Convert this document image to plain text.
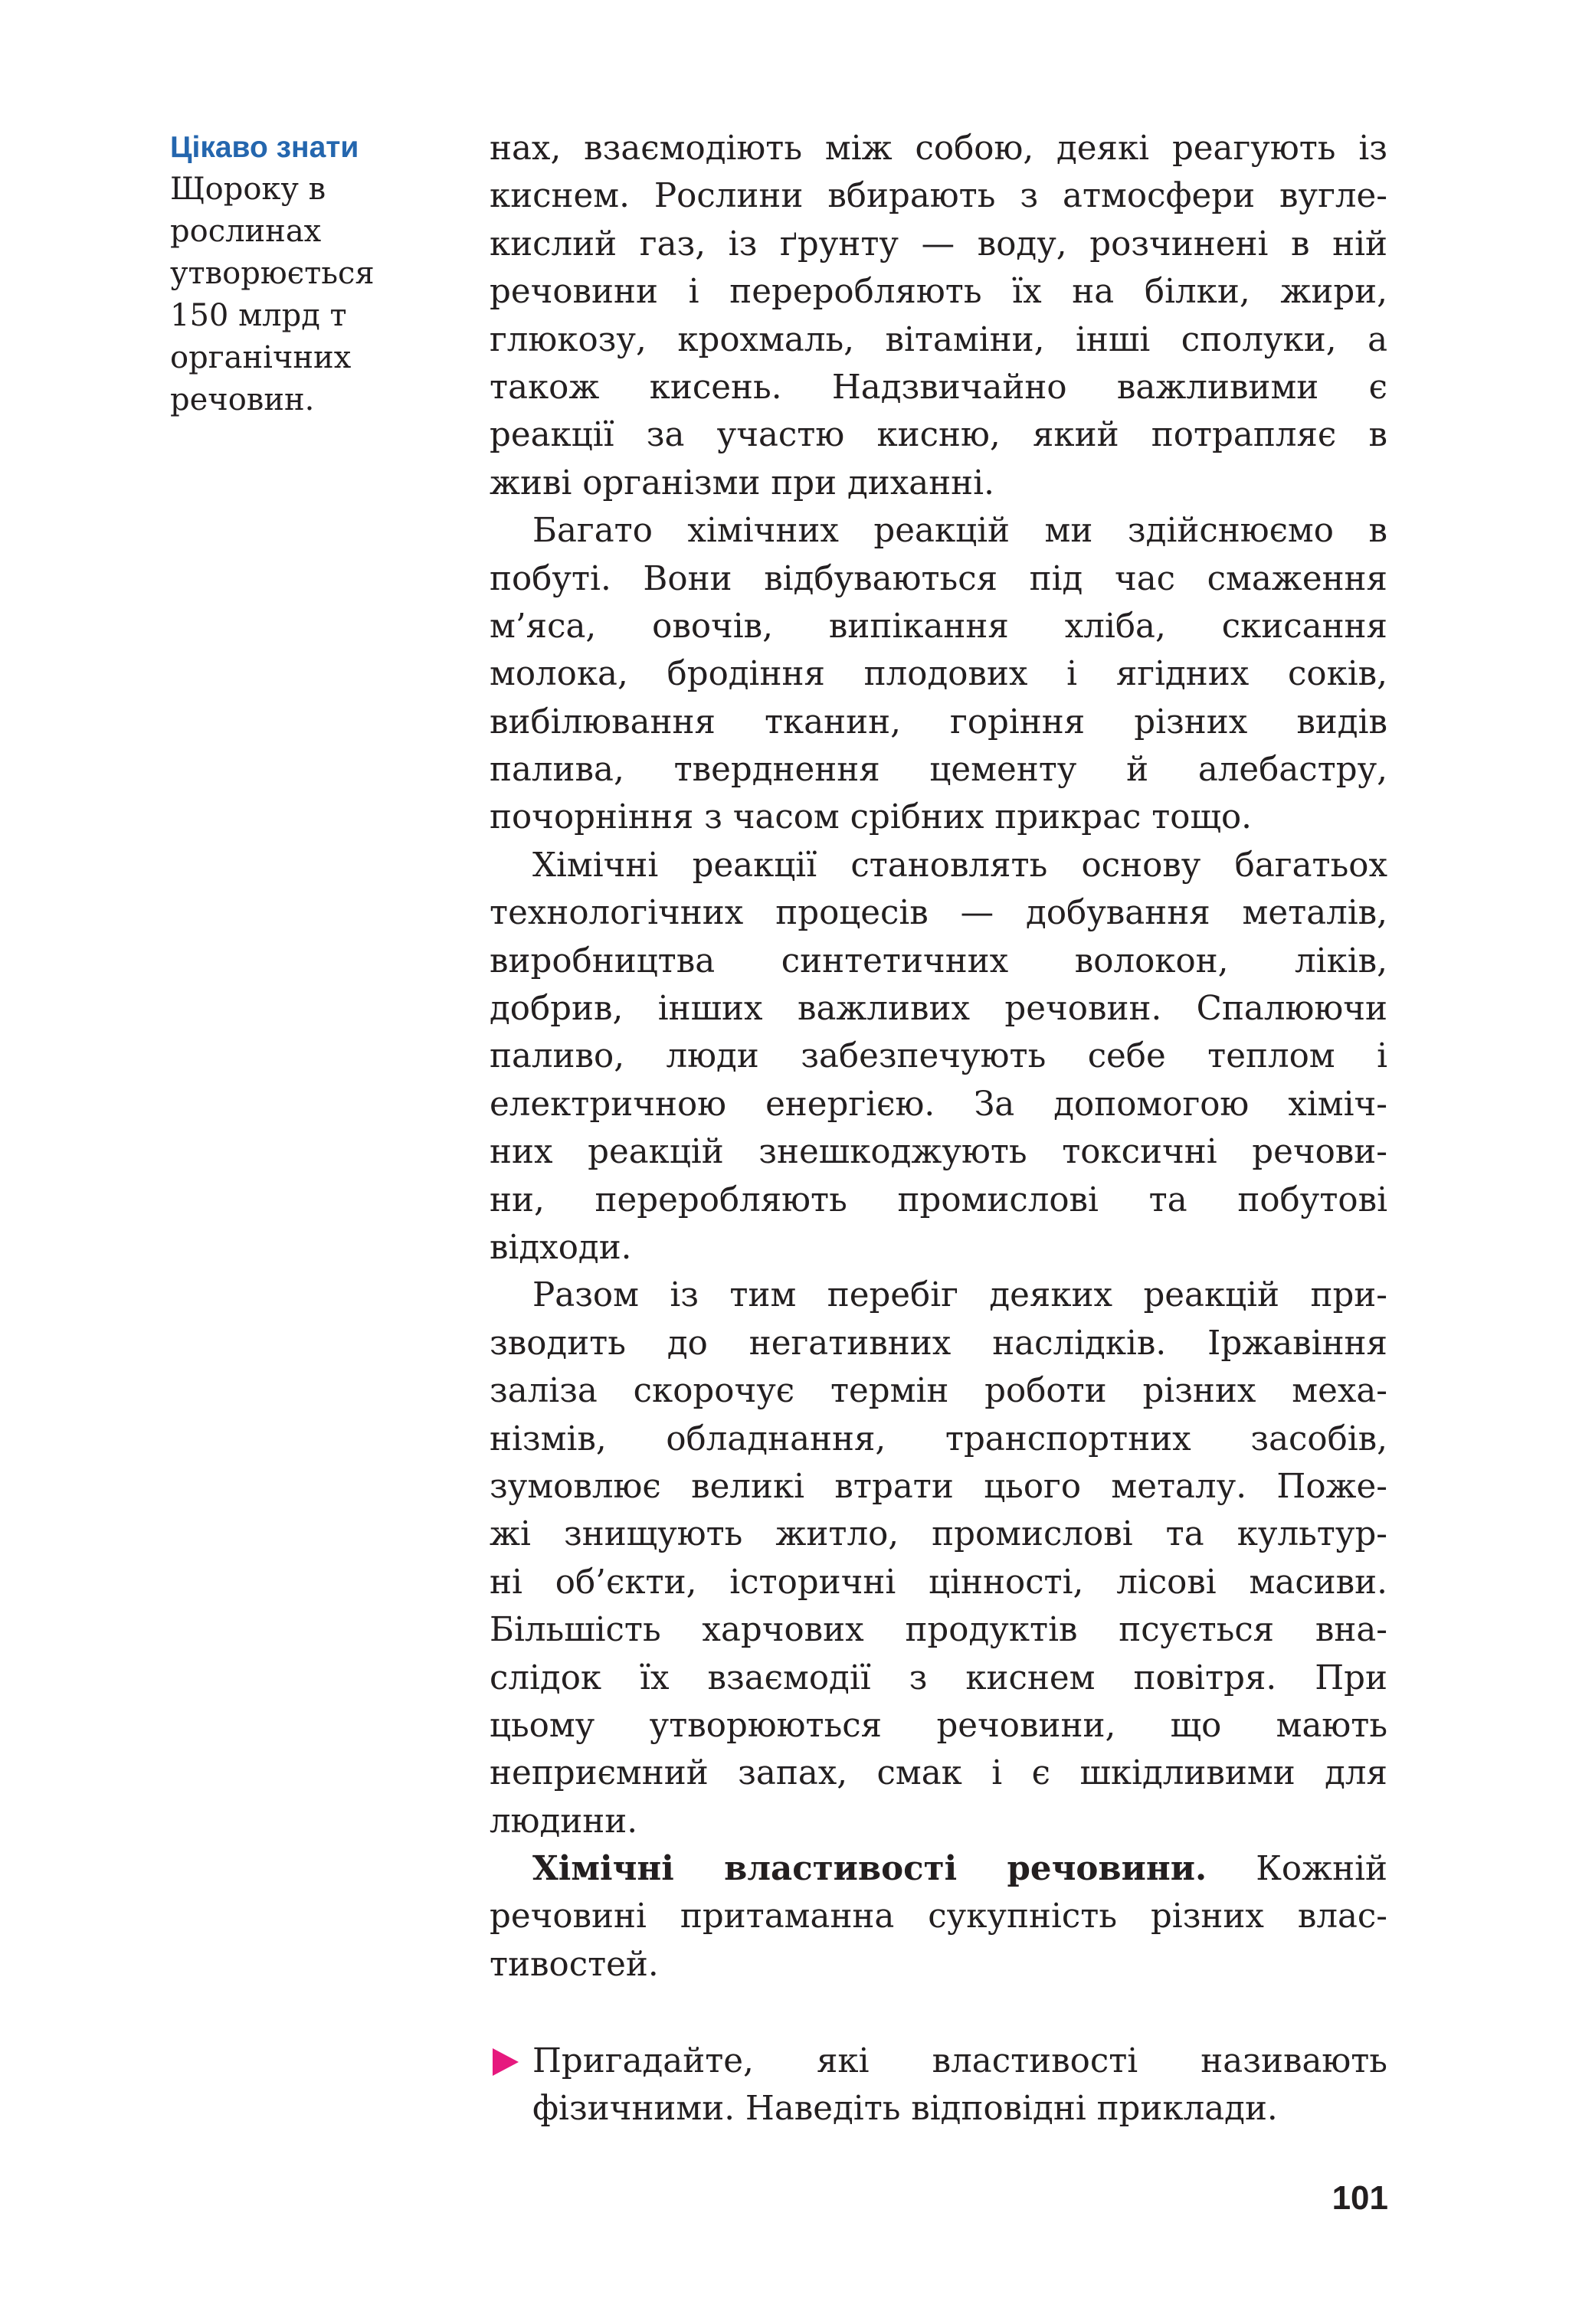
Цікаво знати
Щороку в
рослинах
утворюється
150 млрд т
органічних
речовин.
нах, взаємодіють між собою, деякі реагують із
киснем. Рослини вбирають з атмосфери вугле-
кислий газ, із ґрунту — воду, розчинені в ній
речовини і переробляють їх на білки, жири,
глюкозу, крохмаль, вітаміни, інші сполуки, а
також кисень. Надзвичайно важливими є
реакції за участю кисню, який потрапляє в
живі організми при диханні.
Багато хімічних реакцій ми здійснюємо в
побуті. Вони відбуваються під час смаження
м’яса, овочів, випікання хліба, скисання
молока, бродіння плодових і ягідних соків,
вибілювання тканин, горіння різних видів
палива, тверднення цементу й алебастру,
почорніння з часом срібних прикрас тощо.
Хімічні реакції становлять основу багатьох
технологічних процесів — добування металів,
виробництва синтетичних волокон, ліків,
добрив, інших важливих речовин. Спалюючи
паливо, люди забезпечують себе теплом і
електричною енергією. За допомогою хіміч-
них реакцій знешкоджують токсичні речови-
ни, переробляють промислові та побутові
відходи.
Разом із тим перебіг деяких реакцій при-
зводить до негативних наслідків. Іржавіння
заліза скорочує термін роботи різних меха-
нізмів, обладнання, транспортних засобів,
зумовлює великі втрати цього металу. Поже-
жі знищують житло, промислові та культур-
ні об’єкти, історичні цінності, лісові масиви.
Більшість харчових продуктів псується вна-
слідок їх взаємодії з киснем повітря. При
цьому утворюються речовини, що мають
неприємний запах, смак і є шкідливими для
людини.
Хімічні властивості речовини. Кожній
речовині притаманна сукупність різних влас-
тивостей.
Пригадайте, які властивості називають
фізичними. Наведіть відповідні приклади.
101
